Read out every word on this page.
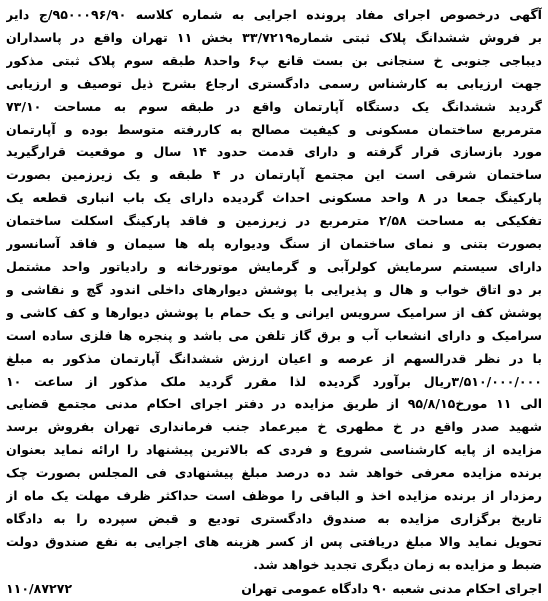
آگهی درخصوص اجرای مفاد پرونده اجرایی به شماره کلاسه ۹۵۰۰۰۹۶/۹۰/ج دایر
بر فروش ششدانگ پلاک ثبتی شماره۳۳/۷۲۱۹ بخش ۱۱ تهران واقع در پاسداران
دیباجی جنوبی خ سنجانی بن بست قانع پ۶ واحد۸ طبقه سوم پلاک ثبتی مذکور
جهت ارزیابی به کارشناس رسمی دادگستری ارجاع بشرح ذیل توصیف و ارزیابی
گردید ششدانگ یک دستگاه آپارتمان واقع در طبقه سوم به مساحت ۷۳/۱۰
مترمربع ساختمان مسکونی و کیفیت مصالح به کاررفته متوسط بوده و آپارتمان
مورد بازسازی قرار گرفته و دارای قدمت حدود ۱۴ سال و موقعیت قرارگیرید
ساختمان شرقی است این مجتمع آپارتمان در ۴ طبقه و یک زیرزمین بصورت
پارکینگ جمعا در ۸ واحد مسکونی احداث گردیده دارای یک باب انباری قطعه یک
تفکیکی به مساحت ۲/۵۸ مترمربع در زیرزمین و فاقد پارکینگ اسکلت ساختمان
بصورت بتنی و نمای ساختمان از سنگ ودیواره پله ها سیمان و فاقد آسانسور
دارای سیستم سرمایش کولرآبی و گرمایش موتورخانه و رادیاتور واحد مشتمل
بر دو اتاق خواب و هال و پذیرایی با پوشش دیوارهای داخلی اندود گچ و نقاشی و
پوشش کف از سرامیک سرویس ایرانی و یک حمام با پوشش دیوارها و کف کاشی و
سرامیک و دارای انشعاب آب و برق گاز تلفن می باشد و پنجره ها فلزی ساده است
با در نظر قدرالسهم از عرصه و اعیان ارزش ششدانگ آپارتمان مذکور به مبلغ
۳/۵۱۰/۰۰۰/۰۰۰ریال برآورد گردیده لذا مقرر گردید ملک مذکور از ساعت ۱۰
الی ۱۱ مورخ۹۵/۸/۱۵ از طریق مزایده در دفتر اجرای احکام مدنی مجتمع قضایی
شهید صدر واقع در خ مطهری خ میرعماد جنب فرمانداری تهران بفروش برسد
مزایده از پایه کارشناسی شروع و فردی که بالاترین پیشنهاد را ارائه نماید بعنوان
برنده مزایده معرفی خواهد شد ده درصد مبلغ پیشنهادی فی المجلس بصورت چک
رمزدار از برنده مزایده اخذ و الباقی را موظف است حداکثر ظرف مهلت یک ماه از
تاریخ برگزاری مزایده به صندوق دادگستری تودیع و قبض سپرده را به دادگاه
تحویل نماید والا مبلغ دریافتی پس از کسر هزینه های اجرایی به نفع صندوق دولت
ضبط و مزایده به زمان دیگری تجدید خواهد شد.
اجرای احکام مدنی شعبه ۹۰ دادگاه عمومی تهران
۱۱۰/۸۷۲۷۲
